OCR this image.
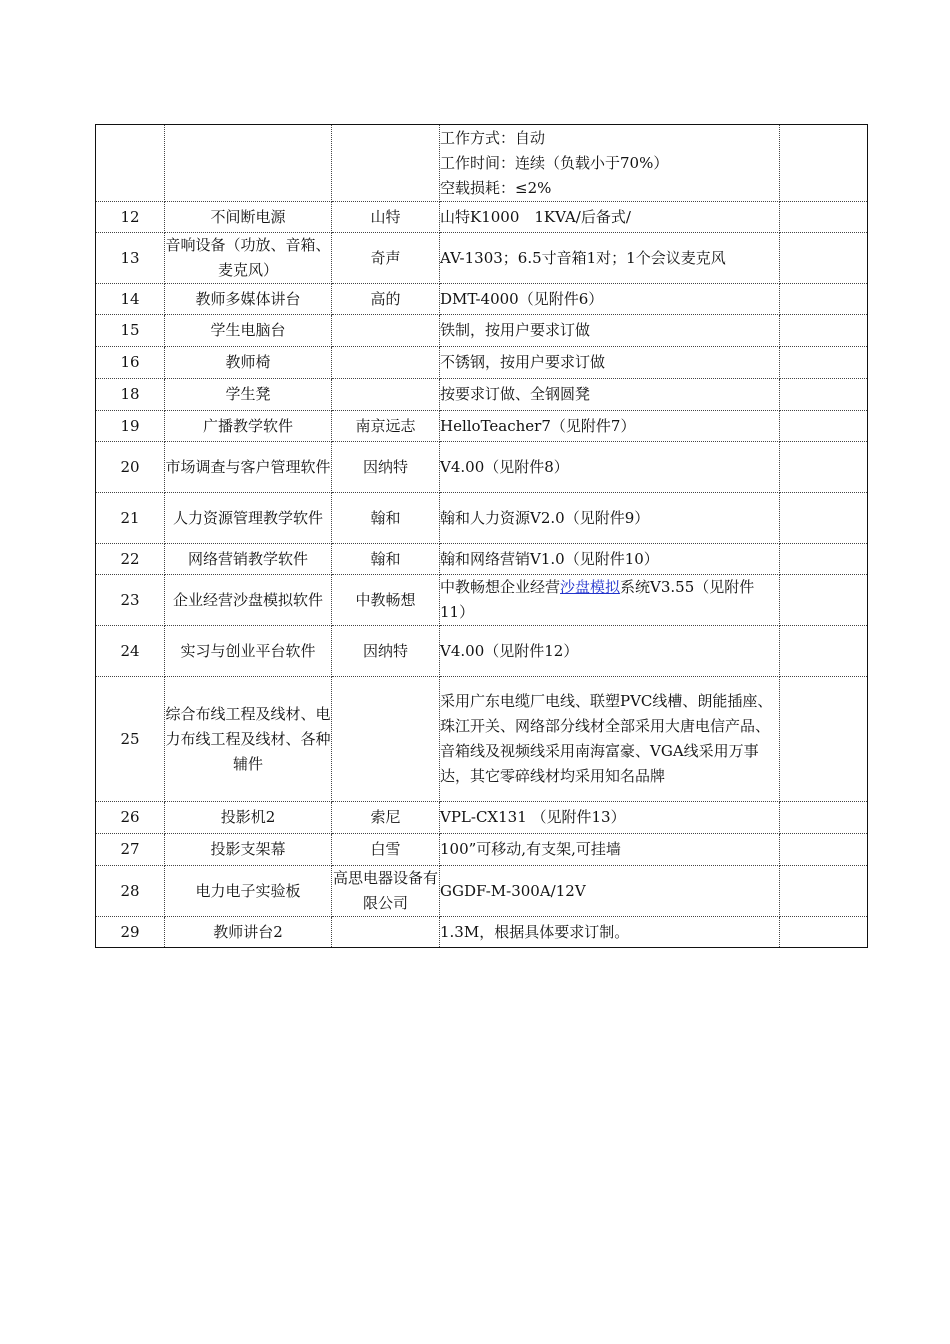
			工作方式：自动
工作时间：连续（负载小于70%）
空载损耗：≤2%	

12	不间断电源	山特	山特K1000　1KVA/后备式/	
13	音响设备（功放、音箱、麦克风）	奇声	AV-1303；6.5寸音箱1对；1个会议麦克风	
14	教师多媒体讲台	高的	DMT-4000（见附件6）	
15	学生电脑台		铁制，按用户要求订做	
16	教师椅		不锈钢，按用户要求订做	
18	学生凳		按要求订做、全钢圆凳	
19	广播教学软件	南京远志	HelloTeacher7（见附件7）	
20	市场调查与客户管理软件	因纳特	V4.00（见附件8）	
21	人力资源管理教学软件	翰和	翰和人力资源V2.0（见附件9）	
22	网络营销教学软件	翰和	翰和网络营销V1.0（见附件10）	
23	企业经营沙盘模拟软件	中教畅想	中教畅想企业经营沙盘模拟系统V3.55（见附件11）	
24	实习与创业平台软件	因纳特	V4.00（见附件12）	
25	综合布线工程及线材、电力布线工程及线材、各种辅件		采用广东电缆厂电线、联塑PVC线槽、朗能插座、珠江开关、网络部分线材全部采用大唐电信产品、音箱线及视频线采用南海富豪、VGA线采用万事达，其它零碎线材均采用知名品牌	
26	投影机2	索尼	VPL-CX131 （见附件13）	
27	投影支架幕	白雪	100”可移动,有支架,可挂墙	
28	电力电子实验板	高思电器设备有限公司	GGDF-M-300A/12V	
29	教师讲台2		1.3M，根据具体要求订制。	
